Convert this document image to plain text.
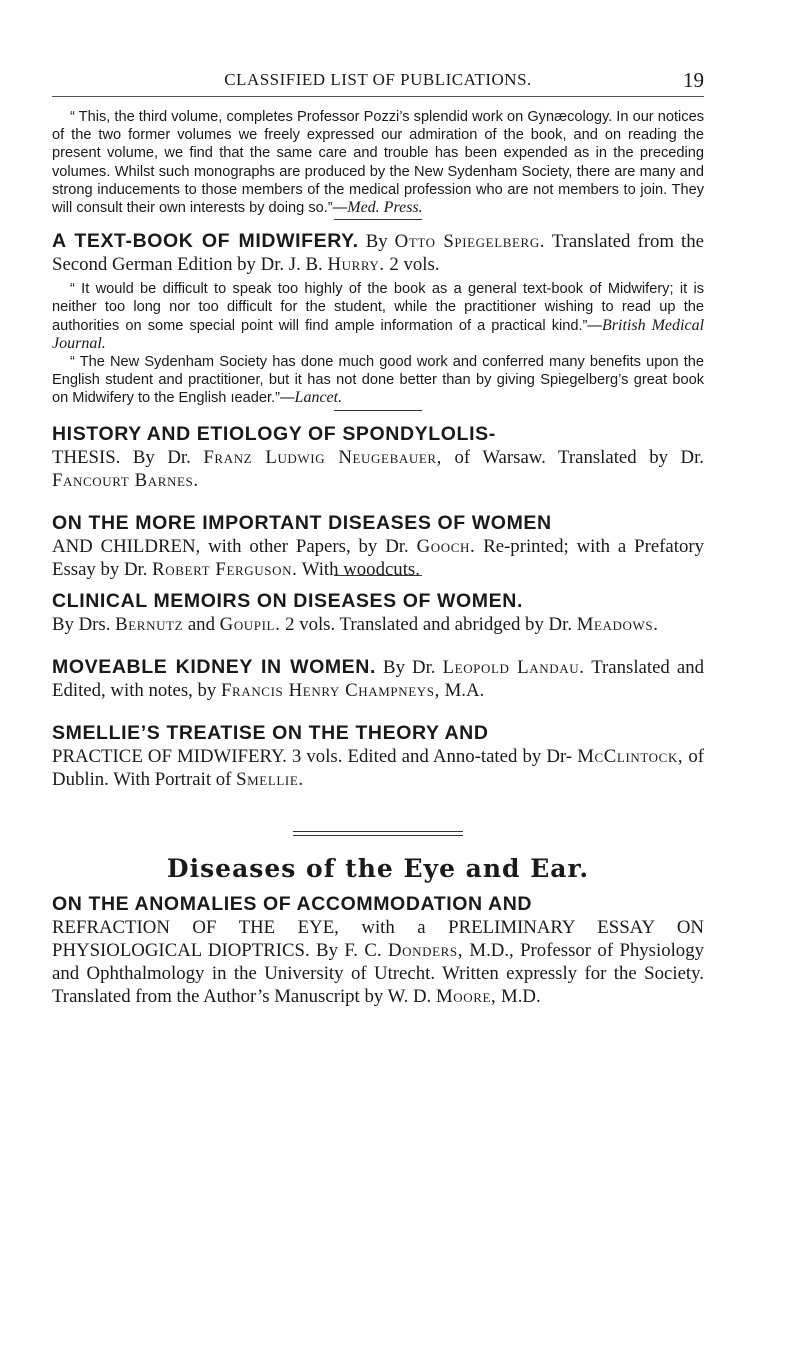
CLASSIFIED LIST OF PUBLICATIONS.	19

“ This, the third volume, completes Professor Pozzi’s splendid work on Gynæcology. In our notices of the two former volumes we freely expressed our admiration of the book, and on reading the present volume, we find that the same care and trouble has been expended as in the preceding volumes. Whilst such monographs are produced by the New Sydenham Society, there are many and strong inducements to those members of the medical profession who are not members to join. They will consult their own interests by doing so.”—Med. Press.

A TEXT-BOOK OF MIDWIFERY. By Otto Spiegelberg. Translated from the Second German Edition by Dr. J. B. Hurry. 2 vols.

“ It would be difficult to speak too highly of the book as a general text-book of Midwifery; it is neither too long nor too difficult for the student, while the practitioner wishing to read up the authorities on some special point will find ample information of a practical kind.”—British Medical Journal.

“ The New Sydenham Society has done much good work and conferred many benefits upon the English student and practitioner, but it has not done better than by giving Spiegelberg’s great book on Midwifery to the English ıeader.”—Lancet.

HISTORY AND ETIOLOGY OF SPONDYLOLIS-
THESIS. By Dr. Franz Ludwig Neugebauer, of Warsaw. Translated by Dr. Fancourt Barnes.

ON THE MORE IMPORTANT DISEASES OF WOMEN
AND CHILDREN, with other Papers, by Dr. Gooch. Re-printed; with a Prefatory Essay by Dr. Robert Ferguson. With woodcuts.

CLINICAL MEMOIRS ON DISEASES OF WOMEN.
By Drs. Bernutz and Goupil. 2 vols. Translated and abridged by Dr. Meadows.

MOVEABLE KIDNEY IN WOMEN. By Dr. Leopold Landau. Translated and Edited, with notes, by Francis Henry Champneys, M.A.

SMELLIE’S TREATISE ON THE THEORY AND
PRACTICE OF MIDWIFERY. 3 vols. Edited and Anno-tated by Dr- McClintock, of Dublin. With Portrait of Smellie.

Diseases of the Eye and Ear.

ON THE ANOMALIES OF ACCOMMODATION AND
REFRACTION OF THE EYE, with a PRELIMINARY ESSAY ON PHYSIOLOGICAL DIOPTRICS. By F. C. Donders, M.D., Professor of Physiology and Ophthalmology in the University of Utrecht. Written expressly for the Society. Translated from the Author’s Manuscript by W. D. Moore, M.D.
